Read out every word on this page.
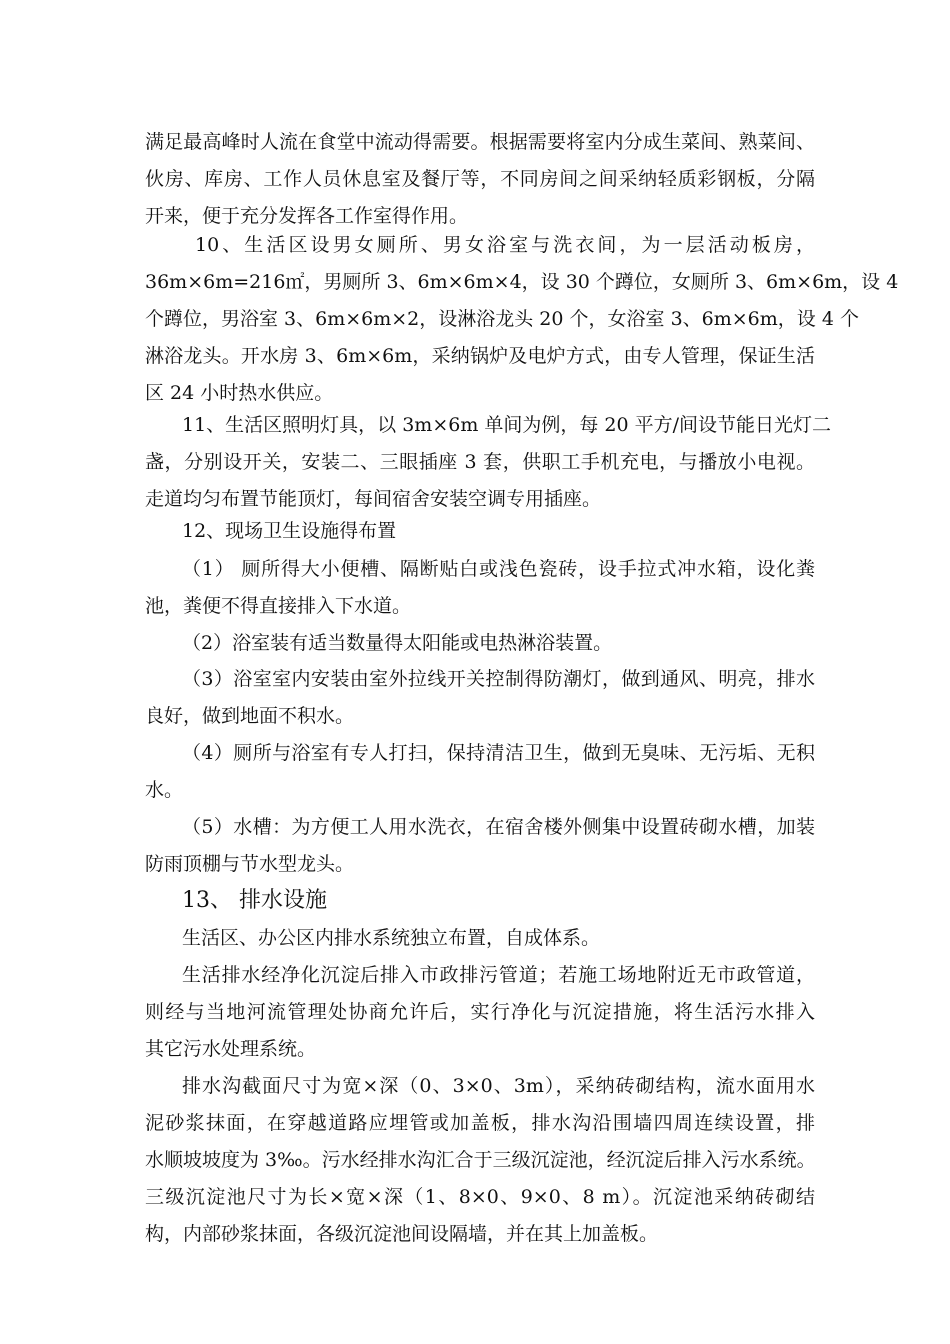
满足最高峰时人流在食堂中流动得需要。根据需要将室内分成生菜间、熟菜间、
伙房、库房、工作人员休息室及餐厅等，不同房间之间采纳轻质彩钢板，分隔
开来，便于充分发挥各工作室得作用。
10、生活区设男女厕所、男女浴室与洗衣间，为一层活动板房，
36m×6m=216㎡，男厕所 3、6m×6m×4，设 30 个蹲位，女厕所 3、6m×6m，设 4
个蹲位，男浴室 3、6m×6m×2，设淋浴龙头 20 个，女浴室 3、6m×6m，设 4 个
淋浴龙头。开水房 3、6m×6m，采纳锅炉及电炉方式，由专人管理，保证生活
区 24 小时热水供应。
11、生活区照明灯具，以 3m×6m 单间为例，每 20 平方/间设节能日光灯二
盏，分别设开关，安装二、三眼插座 3 套，供职工手机充电，与播放小电视。
走道均匀布置节能顶灯，每间宿舍安装空调专用插座。
12、现场卫生设施得布置
（1） 厕所得大小便槽、隔断贴白或浅色瓷砖，设手拉式冲水箱，设化粪
池，粪便不得直接排入下水道。
（2）浴室装有适当数量得太阳能或电热淋浴装置。
（3）浴室室内安装由室外拉线开关控制得防潮灯，做到通风、明亮，排水
良好，做到地面不积水。
（4）厕所与浴室有专人打扫，保持清洁卫生，做到无臭味、无污垢、无积
水。
（5）水槽：为方便工人用水洗衣，在宿舍楼外侧集中设置砖砌水槽，加装
防雨顶棚与节水型龙头。
13、 排水设施
生活区、办公区内排水系统独立布置，自成体系。
生活排水经净化沉淀后排入市政排污管道；若施工场地附近无市政管道，
则经与当地河流管理处协商允许后，实行净化与沉淀措施，将生活污水排入
其它污水处理系统。
排水沟截面尺寸为宽×深（0、3×0、3m），采纳砖砌结构，流水面用水
泥砂浆抹面，在穿越道路应埋管或加盖板，排水沟沿围墙四周连续设置，排
水顺坡坡度为 3‰。污水经排水沟汇合于三级沉淀池，经沉淀后排入污水系统。
三级沉淀池尺寸为长×宽×深（1、8×0、9×0、8 m）。沉淀池采纳砖砌结
构，内部砂浆抹面，各级沉淀池间设隔墙，并在其上加盖板。
